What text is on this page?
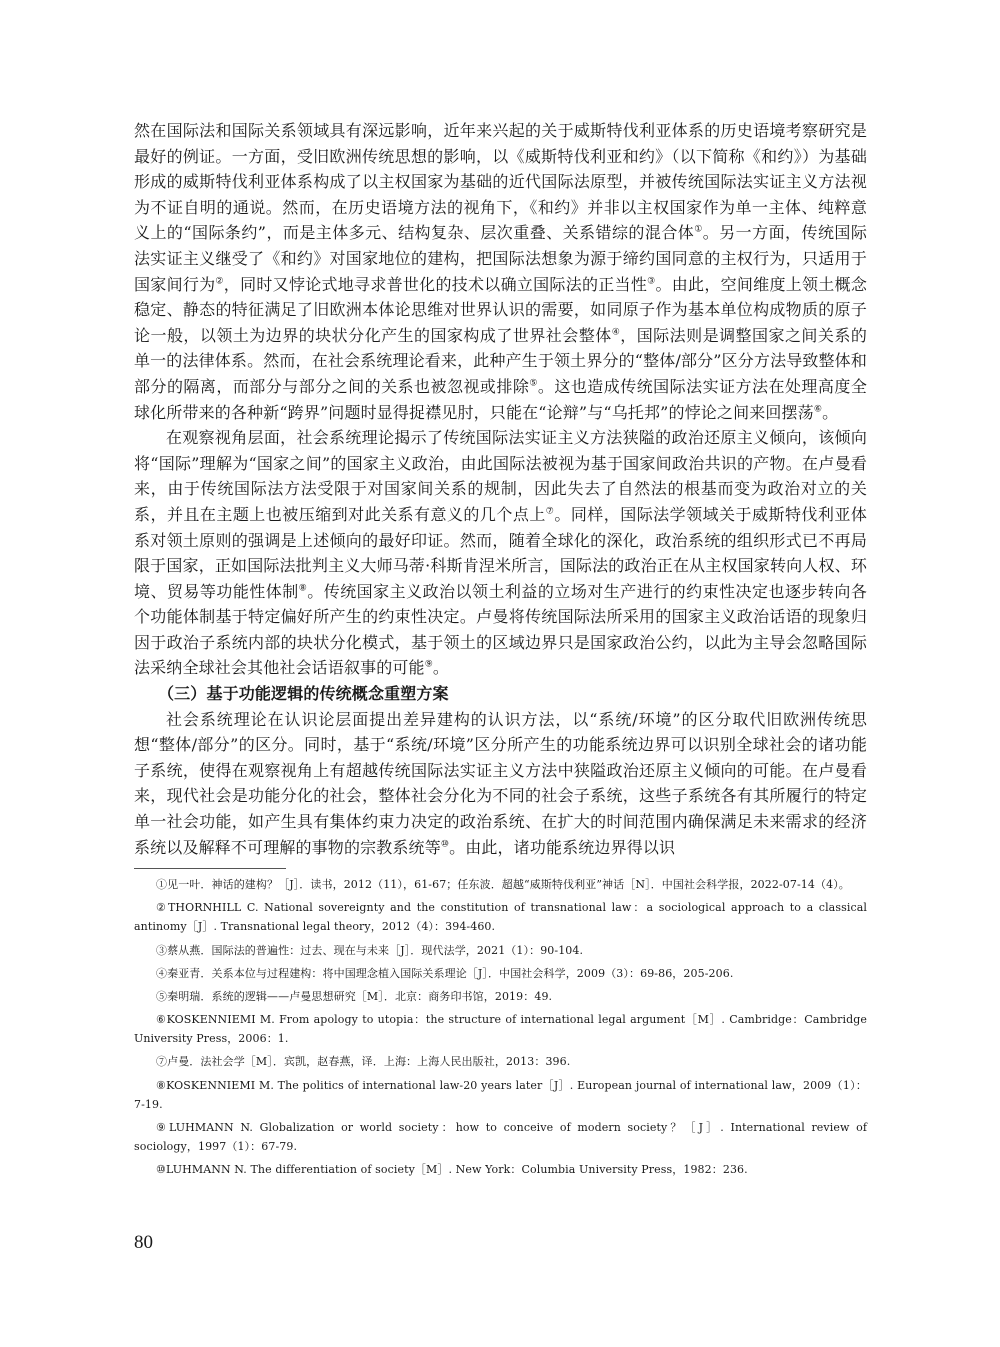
然在国际法和国际关系领域具有深远影响，近年来兴起的关于威斯特伐利亚体系的历史语境考察研究是最好的例证。一方面，受旧欧洲传统思想的影响，以《威斯特伐利亚和约》（以下简称《和约》）为基础形成的威斯特伐利亚体系构成了以主权国家为基础的近代国际法原型，并被传统国际法实证主义方法视为不证自明的通说。然而，在历史语境方法的视角下，《和约》并非以主权国家作为单一主体、纯粹意义上的“国际条约”，而是主体多元、结构复杂、层次重叠、关系错综的混合体①。另一方面，传统国际法实证主义继受了《和约》对国家地位的建构，把国际法想象为源于缔约国同意的主权行为，只适用于国家间行为②，同时又悖论式地寻求普世化的技术以确立国际法的正当性③。由此，空间维度上领土概念稳定、静态的特征满足了旧欧洲本体论思维对世界认识的需要，如同原子作为基本单位构成物质的原子论一般，以领土为边界的块状分化产生的国家构成了世界社会整体④，国际法则是调整国家之间关系的单一的法律体系。然而，在社会系统理论看来，此种产生于领土界分的“整体/部分”区分方法导致整体和部分的隔离，而部分与部分之间的关系也被忽视或排除⑤。这也造成传统国际法实证方法在处理高度全球化所带来的各种新“跨界”问题时显得捉襟见肘，只能在“论辩”与“乌托邦”的悖论之间来回摆荡⑥。

在观察视角层面，社会系统理论揭示了传统国际法实证主义方法狭隘的政治还原主义倾向，该倾向将“国际”理解为“国家之间”的国家主义政治，由此国际法被视为基于国家间政治共识的产物。在卢曼看来，由于传统国际法方法受限于对国家间关系的规制，因此失去了自然法的根基而变为政治对立的关系，并且在主题上也被压缩到对此关系有意义的几个点上⑦。同样，国际法学领域关于威斯特伐利亚体系对领土原则的强调是上述倾向的最好印证。然而，随着全球化的深化，政治系统的组织形式已不再局限于国家，正如国际法批判主义大师马蒂·科斯肯涅米所言，国际法的政治正在从主权国家转向人权、环境、贸易等功能性体制⑧。传统国家主义政治以领土利益的立场对生产进行的约束性决定也逐步转向各个功能体制基于特定偏好所产生的约束性决定。卢曼将传统国际法所采用的国家主义政治话语的现象归因于政治子系统内部的块状分化模式，基于领土的区域边界只是国家政治公约，以此为主导会忽略国际法采纳全球社会其他社会话语叙事的可能⑨。

（三）基于功能逻辑的传统概念重塑方案

社会系统理论在认识论层面提出差异建构的认识方法，以“系统/环境”的区分取代旧欧洲传统思想“整体/部分”的区分。同时，基于“系统/环境”区分所产生的功能系统边界可以识别全球社会的诸功能子系统，使得在观察视角上有超越传统国际法实证主义方法中狭隘政治还原主义倾向的可能。在卢曼看来，现代社会是功能分化的社会，整体社会分化为不同的社会子系统，这些子系统各有其所履行的特定单一社会功能，如产生具有集体约束力决定的政治系统、在扩大的时间范围内确保满足未来需求的经济系统以及解释不可理解的事物的宗教系统等⑩。由此，诸功能系统边界得以识

①见一叶．神话的建构？［J］．读书，2012（11），61-67；任东波．超越“威斯特伐利亚”神话［N］．中国社会科学报，2022-07-14（4）。

②THORNHILL C. National sovereignty and the constitution of transnational law：a sociological approach to a classical antinomy［J］. Transnational legal theory，2012（4）：394-460.

③蔡从燕．国际法的普遍性：过去、现在与未来［J］．现代法学，2021（1）：90-104.

④秦亚青．关系本位与过程建构：将中国理念植入国际关系理论［J］．中国社会科学，2009（3）：69-86，205-206.

⑤秦明瑞．系统的逻辑——卢曼思想研究［M］．北京：商务印书馆，2019：49.

⑥KOSKENNIEMI M. From apology to utopia：the structure of international legal argument［M］. Cambridge：Cambridge University Press，2006：1.

⑦卢曼．法社会学［M］．宾凯，赵春燕，译．上海：上海人民出版社，2013：396.

⑧KOSKENNIEMI M. The politics of international law-20 years later［J］. European journal of international law，2009（1）：7-19.

⑨LUHMANN N. Globalization or world society：how to conceive of modern society？［J］. International review of sociology，1997（1）：67-79.

⑩LUHMANN N. The differentiation of society［M］. New York：Columbia University Press，1982：236.

80
